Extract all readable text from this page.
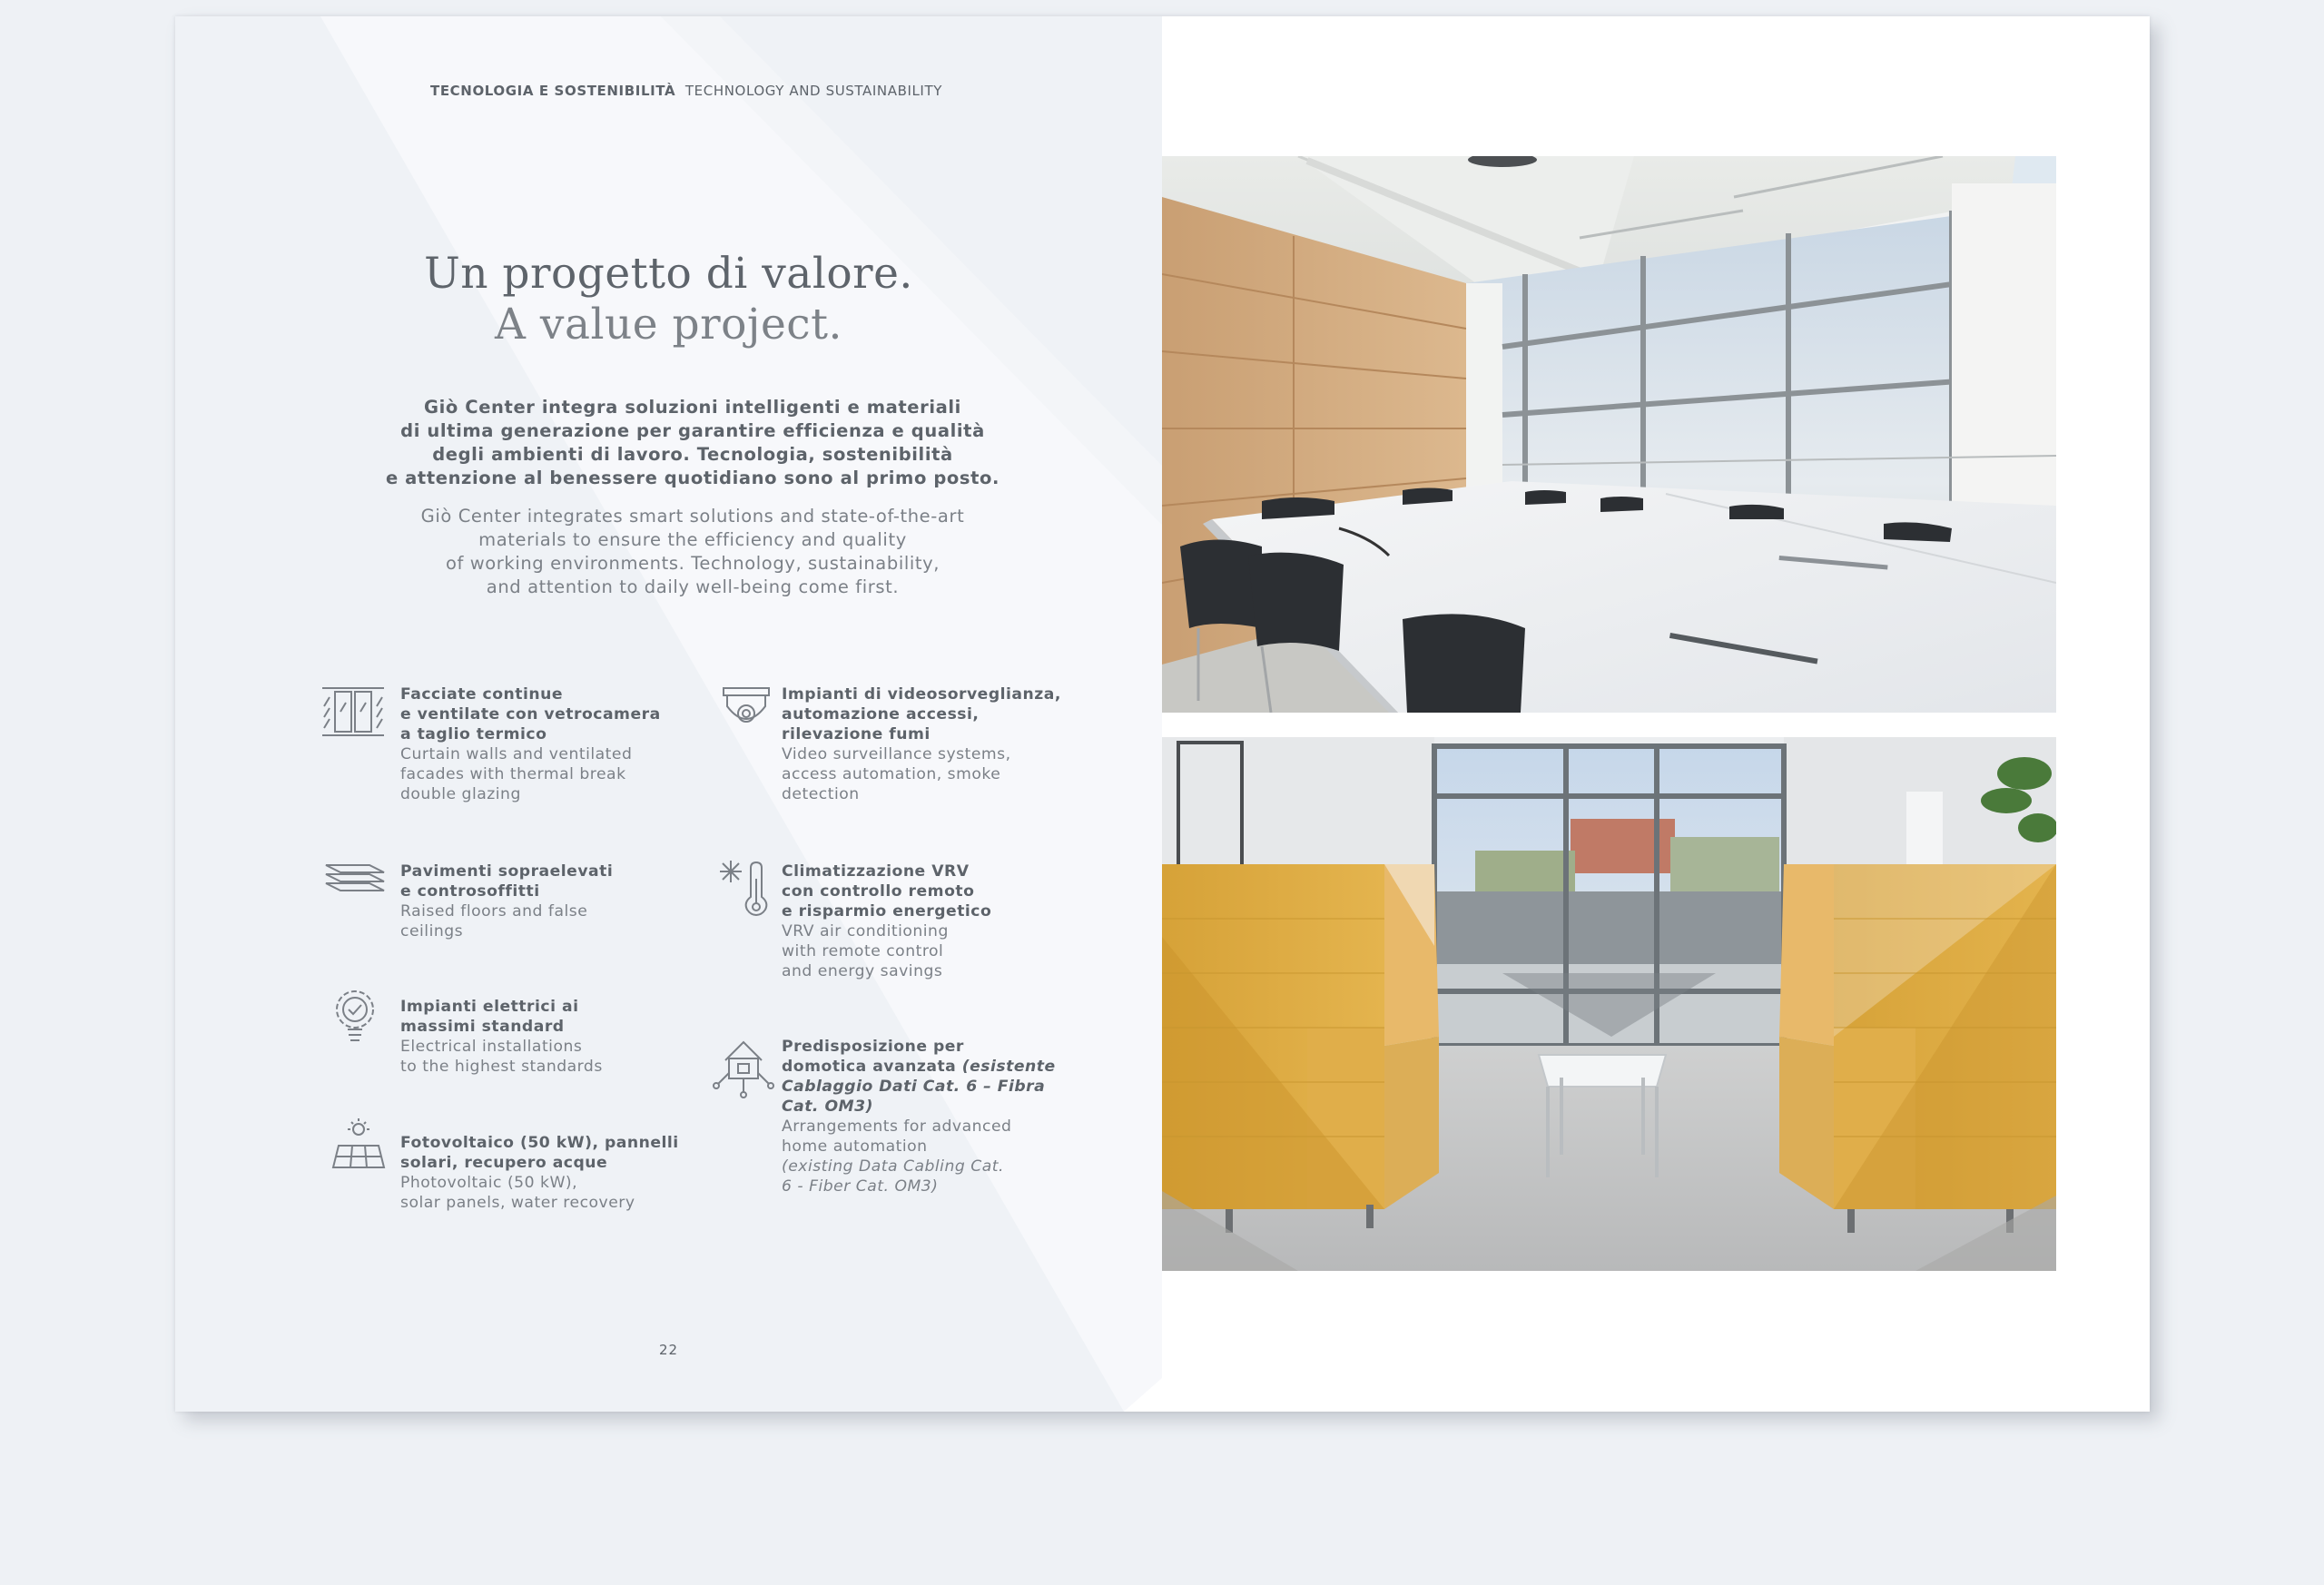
TECNOLOGIA E SOSTENIBILITÀ TECHNOLOGY AND SUSTAINABILITY
Un progetto di valore.
A value project.
Giò Center integra soluzioni intelligenti e materiali
di ultima generazione per garantire efficienza e qualità
degli ambienti di lavoro. Tecnologia, sostenibilità
e attenzione al benessere quotidiano sono al primo posto.
Giò Center integrates smart solutions and state-of-the-art
materials to ensure the efficiency and quality
of working environments. Technology, sustainability,
and attention to daily well-being come first.
Facciate continue
e ventilate con vetrocamera
a taglio termico
Curtain walls and ventilated
facades with thermal break
double glazing
Impianti di videosorveglianza,
automazione accessi,
rilevazione fumi
Video surveillance systems,
access automation, smoke
detection
Pavimenti sopraelevati
e controsoffitti
Raised floors and false
ceilings
Climatizzazione VRV
con controllo remoto
e risparmio energetico
VRV air conditioning
with remote control
and energy savings
Impianti elettrici ai
massimi standard
Electrical installations
to the highest standards
Predisposizione per
domotica avanzata (esistente
Cablaggio Dati Cat. 6 – Fibra
Cat. OM3)
Arrangements for advanced
home automation
(existing Data Cabling Cat.
6 - Fiber Cat. OM3)
Fotovoltaico (50 kW), pannelli
solari, recupero acque
Photovoltaic (50 kW),
solar panels, water recovery
22
